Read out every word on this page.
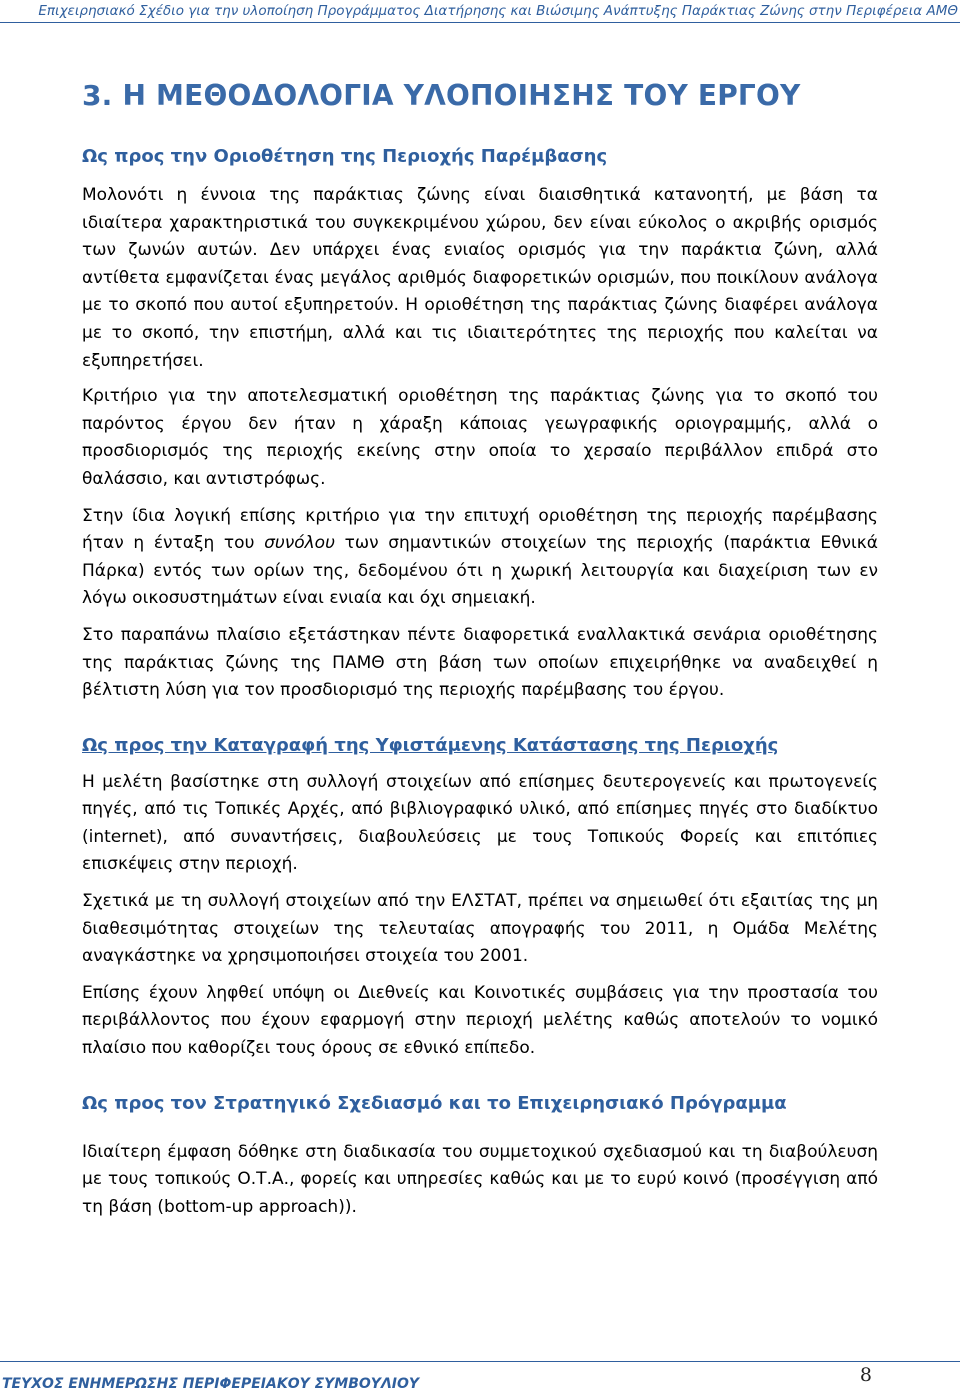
Επιχειρησιακό Σχέδιο για την υλοποίηση Προγράμματος Διατήρησης και Βιώσιμης Ανάπτυξης Παράκτιας Ζώνης στην Περιφέρεια ΑΜΘ
3. Η ΜΕΘΟΔΟΛΟΓΙΑ ΥΛΟΠΟΙΗΣΗΣ ΤΟΥ ΕΡΓΟΥ
Ως προς την Οριοθέτηση της Περιοχής Παρέμβασης

Μολονότι η έννοια της παράκτιας ζώνης είναι διαισθητικά κατανοητή, με βάση τα ιδιαίτερα χαρακτηριστικά του συγκεκριμένου χώρου, δεν είναι εύκολος ο ακριβής ορισμός των ζωνών αυτών. Δεν υπάρχει ένας ενιαίος ορισμός για την παράκτια ζώνη, αλλά αντίθετα εμφανίζεται ένας μεγάλος αριθμός διαφορετικών ορισμών, που ποικίλουν ανάλογα με το σκοπό που αυτοί εξυπηρετούν. Η οριοθέτηση της παράκτιας ζώνης διαφέρει ανάλογα με το σκοπό, την επιστήμη, αλλά και τις ιδιαιτερότητες της περιοχής που καλείται να εξυπηρετήσει.

Κριτήριο για την αποτελεσματική οριοθέτηση της παράκτιας ζώνης για το σκοπό του παρόντος έργου δεν ήταν η χάραξη κάποιας γεωγραφικής οριογραμμής, αλλά ο προσδιορισμός της περιοχής εκείνης στην οποία το χερσαίο περιβάλλον επιδρά στο θαλάσσιο, και αντιστρόφως.

Στην ίδια λογική επίσης κριτήριο για την επιτυχή οριοθέτηση της περιοχής παρέμβασης ήταν η ένταξη του συνόλου των σημαντικών στοιχείων της περιοχής (παράκτια Εθνικά Πάρκα) εντός των ορίων της, δεδομένου ότι η χωρική λειτουργία και διαχείριση των εν λόγω οικοσυστημάτων είναι ενιαία και όχι σημειακή.

Στο παραπάνω πλαίσιο εξετάστηκαν πέντε διαφορετικά εναλλακτικά σενάρια οριοθέτησης της παράκτιας ζώνης της ΠΑΜΘ στη βάση των οποίων επιχειρήθηκε να αναδειχθεί η βέλτιστη λύση για τον προσδιορισμό της περιοχής παρέμβασης του έργου.

Ως προς την Καταγραφή της Υφιστάμενης Κατάστασης της Περιοχής

Η μελέτη βασίστηκε στη συλλογή στοιχείων από επίσημες δευτερογενείς και πρωτογενείς πηγές, από τις Τοπικές Αρχές, από βιβλιογραφικό υλικό, από επίσημες πηγές στο διαδίκτυο (internet), από συναντήσεις, διαβουλεύσεις με τους Τοπικούς Φορείς και επιτόπιες επισκέψεις στην περιοχή.

Σχετικά με τη συλλογή στοιχείων από την ΕΛΣΤΑΤ, πρέπει να σημειωθεί ότι εξαιτίας της μη διαθεσιμότητας στοιχείων της τελευταίας απογραφής του 2011, η Ομάδα Μελέτης αναγκάστηκε να χρησιμοποιήσει στοιχεία του 2001.

Επίσης έχουν ληφθεί υπόψη οι Διεθνείς και Κοινοτικές συμβάσεις για την προστασία του περιβάλλοντος που έχουν εφαρμογή στην περιοχή μελέτης καθώς αποτελούν το νομικό πλαίσιο που καθορίζει τους όρους σε εθνικό επίπεδο.

Ως προς τον Στρατηγικό Σχεδιασμό και το Επιχειρησιακό Πρόγραμμα

Ιδιαίτερη έμφαση δόθηκε στη διαδικασία του συμμετοχικού σχεδιασμού και τη διαβούλευση με τους τοπικούς Ο.Τ.Α., φορείς και υπηρεσίες καθώς και με το ευρύ κοινό (προσέγγιση από τη βάση (bottom-up approach)).

ΤΕΥΧΟΣ ΕΝΗΜΕΡΩΣΗΣ ΠΕΡΙΦΕΡΕΙΑΚΟΥ ΣΥΜΒΟΥΛΙΟΥ	8
